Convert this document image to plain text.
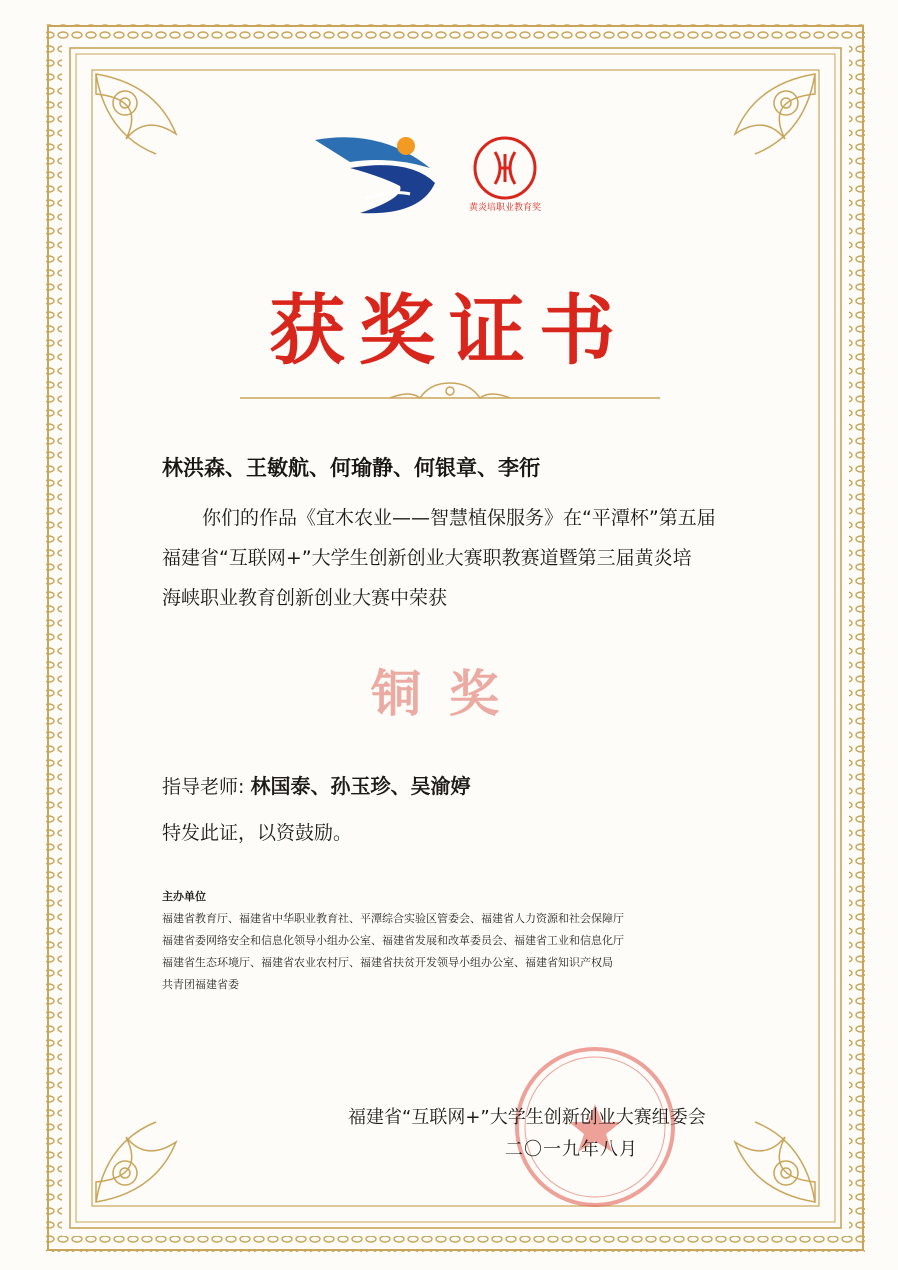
黄炎培职业教育奖
获奖证书
林洪森、王敏航、何瑜静、何银章、李衎
你们的作品《宜木农业——智慧植保服务》在“平潭杯”第五届
福建省“互联网+”大学生创新创业大赛职教赛道暨第三届黄炎培
海峡职业教育创新创业大赛中荣获
铜奖
指导老师: 林国泰、孙玉珍、吴渝婷
特发此证，以资鼓励。
主办单位
福建省教育厅、福建省中华职业教育社、平潭综合实验区管委会、福建省人力资源和社会保障厅
福建省委网络安全和信息化领导小组办公室、福建省发展和改革委员会、福建省工业和信息化厅
福建省生态环境厅、福建省农业农村厅、福建省扶贫开发领导小组办公室、福建省知识产权局
共青团福建省委
福建省“互联网+”大学生创新创业大赛组委会
二〇一九年八月
